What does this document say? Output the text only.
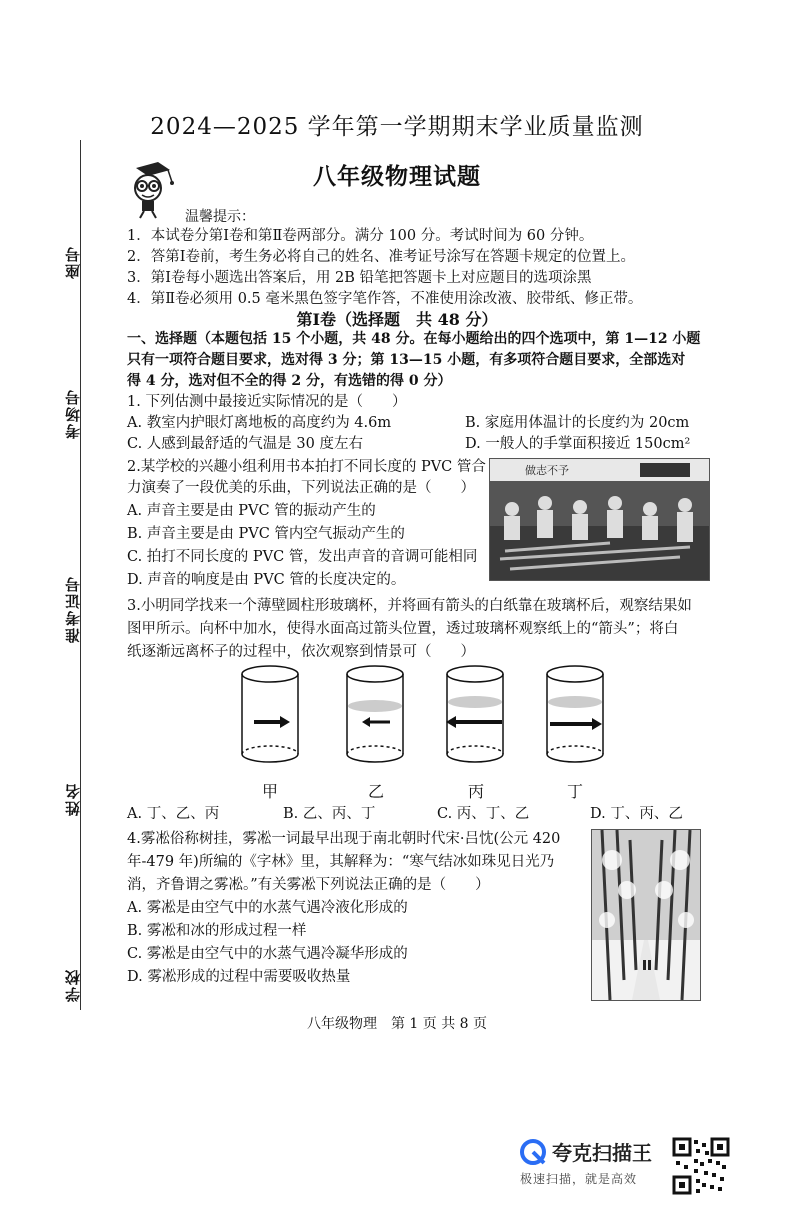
2024—2025 学年第一学期期末学业质量监测
八年级物理试题
座号
考场号
准考证号
姓名
学校
温馨提示：
1．本试卷分第Ⅰ卷和第Ⅱ卷两部分。满分 100 分。考试时间为 60 分钟。
2．答第Ⅰ卷前，考生务必将自己的姓名、准考证号涂写在答题卡规定的位置上。
3．第Ⅰ卷每小题选出答案后，用 2B 铅笔把答题卡上对应题目的选项涂黑
4．第Ⅱ卷必须用 0.5 毫米黑色签字笔作答，不准使用涂改液、胶带纸、修正带。
第Ⅰ卷（选择题　共 48 分）
一、选择题（本题包括 15 个小题，共 48 分。在每小题给出的四个选项中，第 1—12 小题
只有一项符合题目要求，选对得 3 分；第 13—15 小题，有多项符合题目要求，全部选对
得 4 分，选对但不全的得 2 分，有选错的得 0 分）
1. 下列估测中最接近实际情况的是（　　）
A. 教室内护眼灯离地板的高度约为 4.6m	B. 家庭用体温计的长度约为 20cm
C. 人感到最舒适的气温是 30 度左右	D. 一般人的手掌面积接近 150cm²
2.某学校的兴趣小组利用书本拍打不同长度的 PVC 管合
力演奏了一段优美的乐曲，下列说法正确的是（　　）
A. 声音主要是由 PVC 管的振动产生的
B. 声音主要是由 PVC 管内空气振动产生的
C. 拍打不同长度的 PVC 管，发出声音的音调可能相同
D. 声音的响度是由 PVC 管的长度决定的。
做志不予
3.小明同学找来一个薄壁圆柱形玻璃杯，并将画有箭头的白纸靠在玻璃杯后，观察结果如
图甲所示。向杯中加水，使得水面高过箭头位置，透过玻璃杯观察纸上的“箭头”；将白
纸逐渐远离杯子的过程中，依次观察到情景可（　　）
甲	乙	丙	丁
A. 丁、乙、丙	B. 乙、丙、丁	C. 丙、丁、乙	D. 丁、丙、乙
4.雾凇俗称树挂，雾凇一词最早出现于南北朝时代宋·吕忱(公元 420
年-479 年)所编的《字林》里，其解释为：“寒气结冰如珠见日光乃
消，齐鲁谓之雾凇。”有关雾凇下列说法正确的是（　　）
A. 雾凇是由空气中的水蒸气遇冷液化形成的
B. 雾凇和冰的形成过程一样
C. 雾凇是由空气中的水蒸气遇冷凝华形成的
D. 雾凇形成的过程中需要吸收热量
八年级物理　第 1 页 共 8 页
夸克扫描王
极速扫描，就是高效
